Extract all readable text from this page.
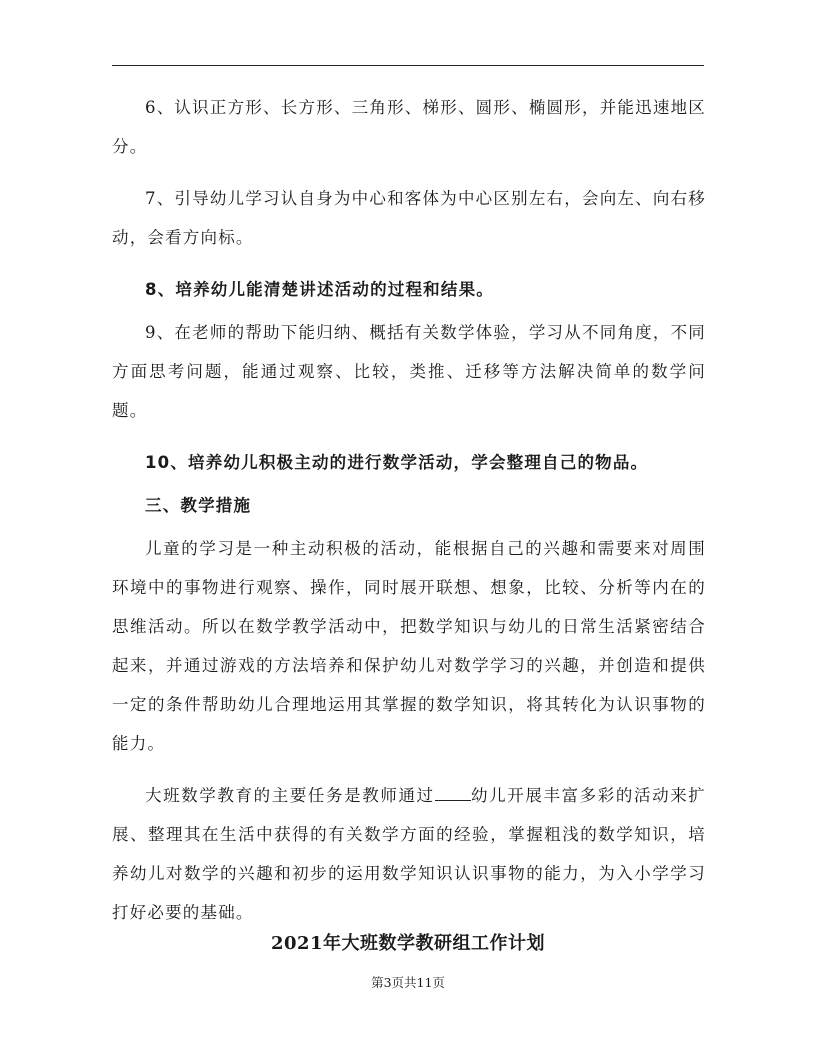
6、认识正方形、长方形、三角形、梯形、圆形、椭圆形，并能迅速地区分。

7、引导幼儿学习认自身为中心和客体为中心区别左右，会向左、向右移动，会看方向标。

8、培养幼儿能清楚讲述活动的过程和结果。

9、在老师的帮助下能归纳、概括有关数学体验，学习从不同角度，不同方面思考问题，能通过观察、比较，类推、迁移等方法解决简单的数学问题。

10、培养幼儿积极主动的进行数学活动，学会整理自己的物品。

三、教学措施

儿童的学习是一种主动积极的活动，能根据自己的兴趣和需要来对周围环境中的事物进行观察、操作，同时展开联想、想象，比较、分析等内在的思维活动。所以在数学教学活动中，把数学知识与幼儿的日常生活紧密结合起来，并通过游戏的方法培养和保护幼儿对数学学习的兴趣，并创造和提供一定的条件帮助幼儿合理地运用其掌握的数学知识，将其转化为认识事物的能力。

大班数学教育的主要任务是教师通过 幼儿开展丰富多彩的活动来扩展、整理其在生活中获得的有关数学方面的经验，掌握粗浅的数学知识，培养幼儿对数学的兴趣和初步的运用数学知识认识事物的能力，为入小学学习打好必要的基础。

2021年大班数学教研组工作计划
第3页共11页
